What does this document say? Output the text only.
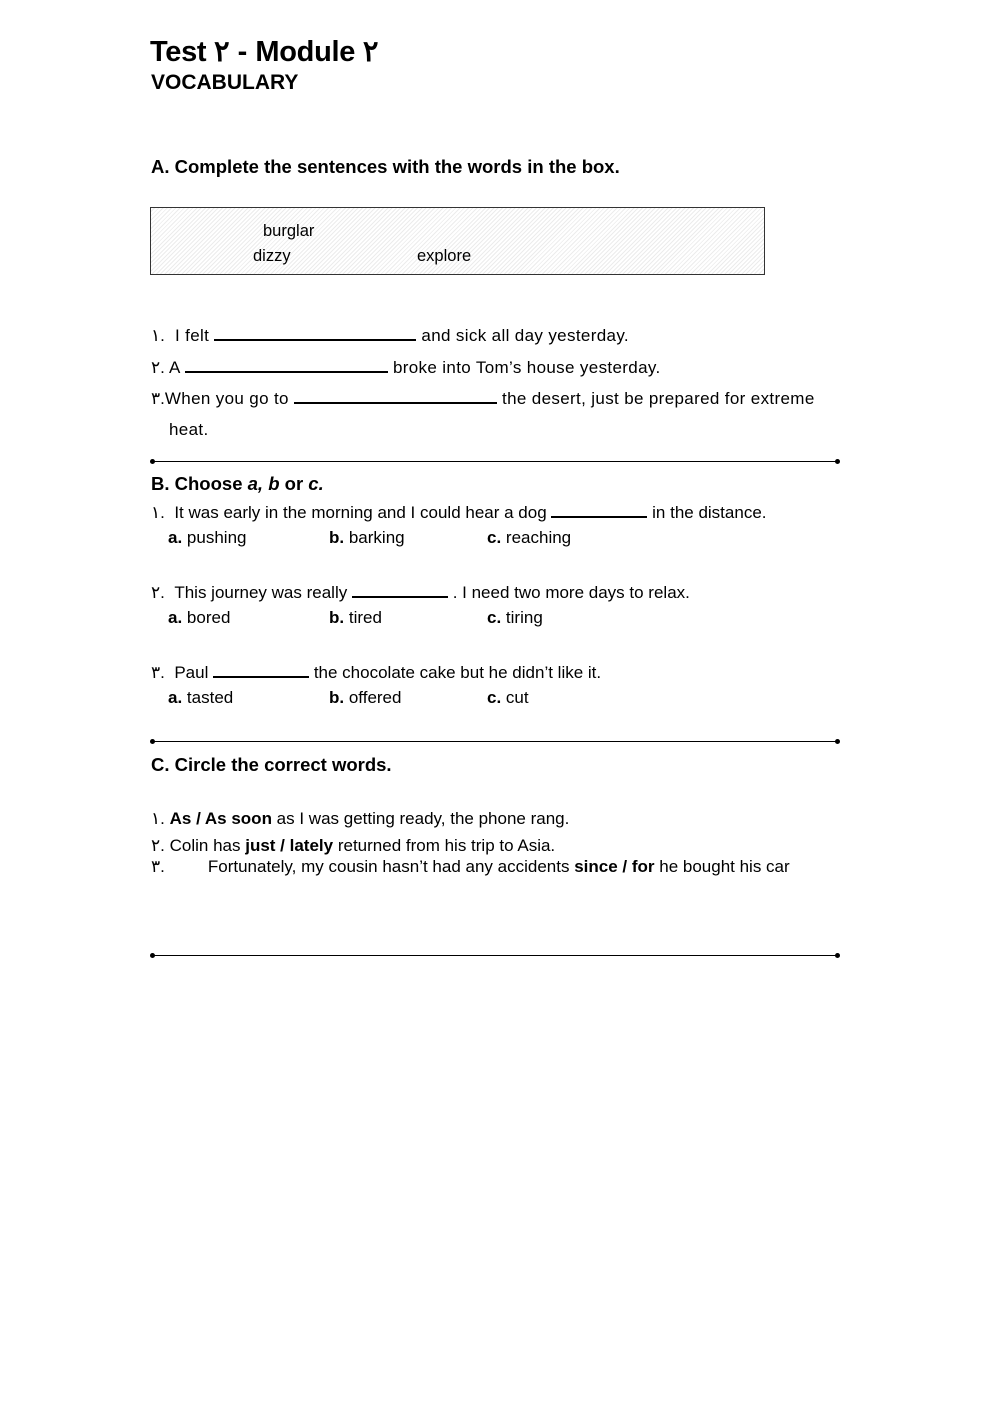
Test ٢ - Module ٢
VOCABULARY
A. Complete the sentences with the words in the box.
burglar
dizzy	explore
١. I felt	and sick all day yesterday.
٢. A	broke into Tom’s house yesterday.
٣.When you go to	the desert, just be prepared for extreme
heat.
B. Choose a, b or c.
١. It was early in the morning and I could hear a dog	in the distance.
a. pushing	b. barking	c. reaching
٢. This journey was really	. I need two more days to relax.
a. bored	b. tired	c. tiring
٣. Paul	the chocolate cake but he didn’t like it.
a. tasted	b. offered	c. cut
C. Circle the correct words.
١. As / As soon as I was getting ready, the phone rang.
٢. Colin has just / lately returned from his trip to Asia.
٣.	Fortunately, my cousin hasn’t had any accidents since / for he bought his car
